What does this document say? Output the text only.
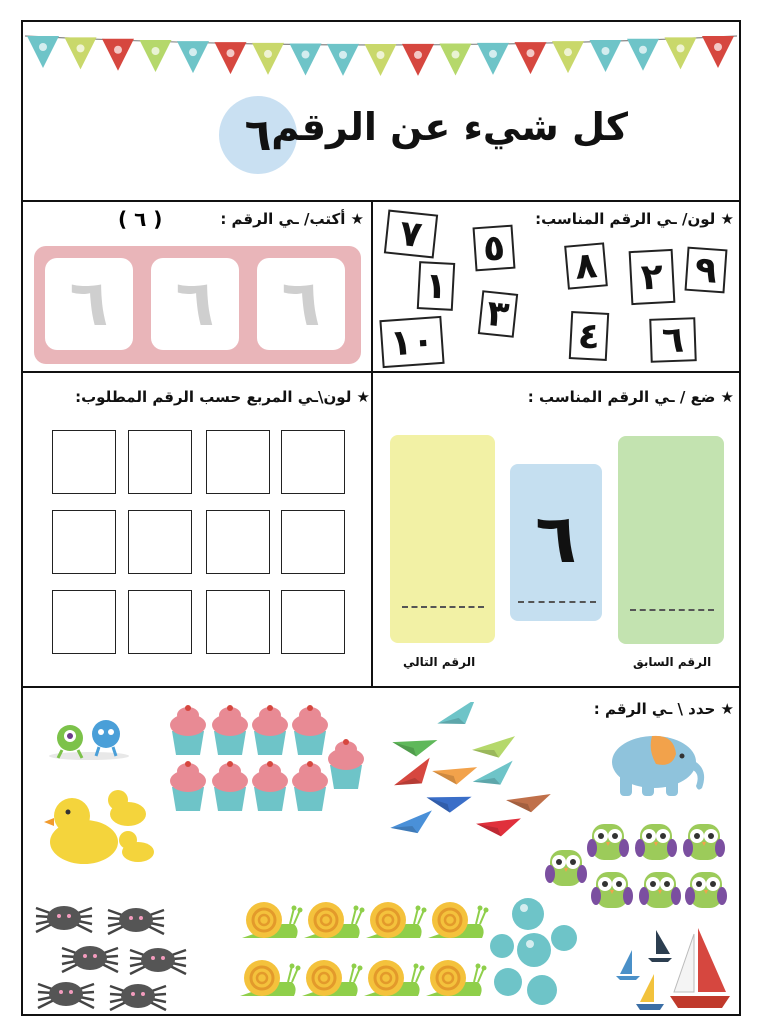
٦ كل شيء عن الرقم
★ لون/ ـي الرقم المناسب:
٧	٥
١	٨
٣
٩
٢
١٠	٤	٦
★ أكتب/ ـي الرقم :
( ٦ )
٦	٦	٦
★ لون\ـي المربع حسب الرقم المطلوب:	★ ضع / ـي الرقم المناسب :
٦
الرقم التالي	الرقم السابق
★ حدد \ ـي الرقم :
